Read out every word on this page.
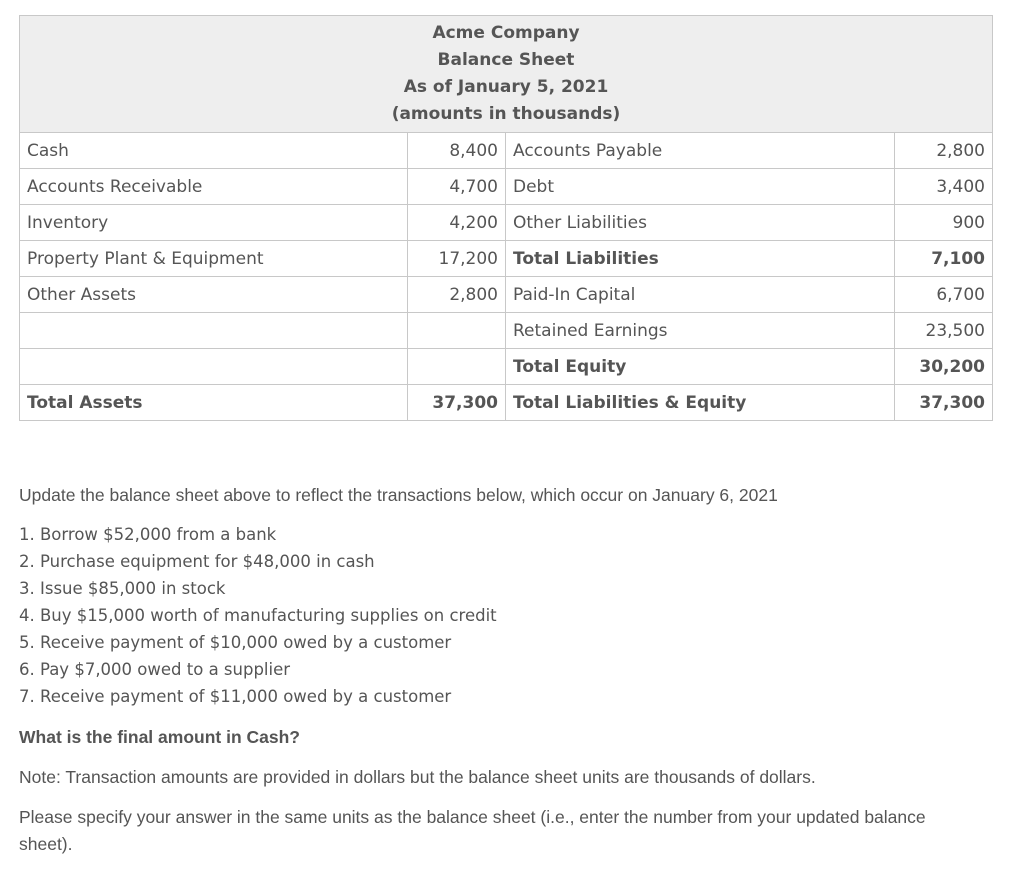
Acme Company
Balance Sheet
As of January 5, 2021
(amounts in thousands)			

Cash	8,400	Accounts Payable	2,800
Accounts Receivable	4,700	Debt	3,400
Inventory	4,200	Other Liabilities	900
Property Plant & Equipment	17,200	Total Liabilities	7,100
Other Assets	2,800	Paid-In Capital	6,700
		Retained Earnings	23,500
		Total Equity	30,200
Total Assets	37,300	Total Liabilities & Equity	37,300

Update the balance sheet above to reflect the transactions below, which occur on January 6, 2021

1. Borrow $52,000 from a bank
2. Purchase equipment for $48,000 in cash
3. Issue $85,000 in stock
4. Buy $15,000 worth of manufacturing supplies on credit
5. Receive payment of $10,000 owed by a customer
6. Pay $7,000 owed to a supplier
7. Receive payment of $11,000 owed by a customer

What is the final amount in Cash?

Note: Transaction amounts are provided in dollars but the balance sheet units are thousands of dollars.

Please specify your answer in the same units as the balance sheet (i.e., enter the number from your updated balance sheet).
